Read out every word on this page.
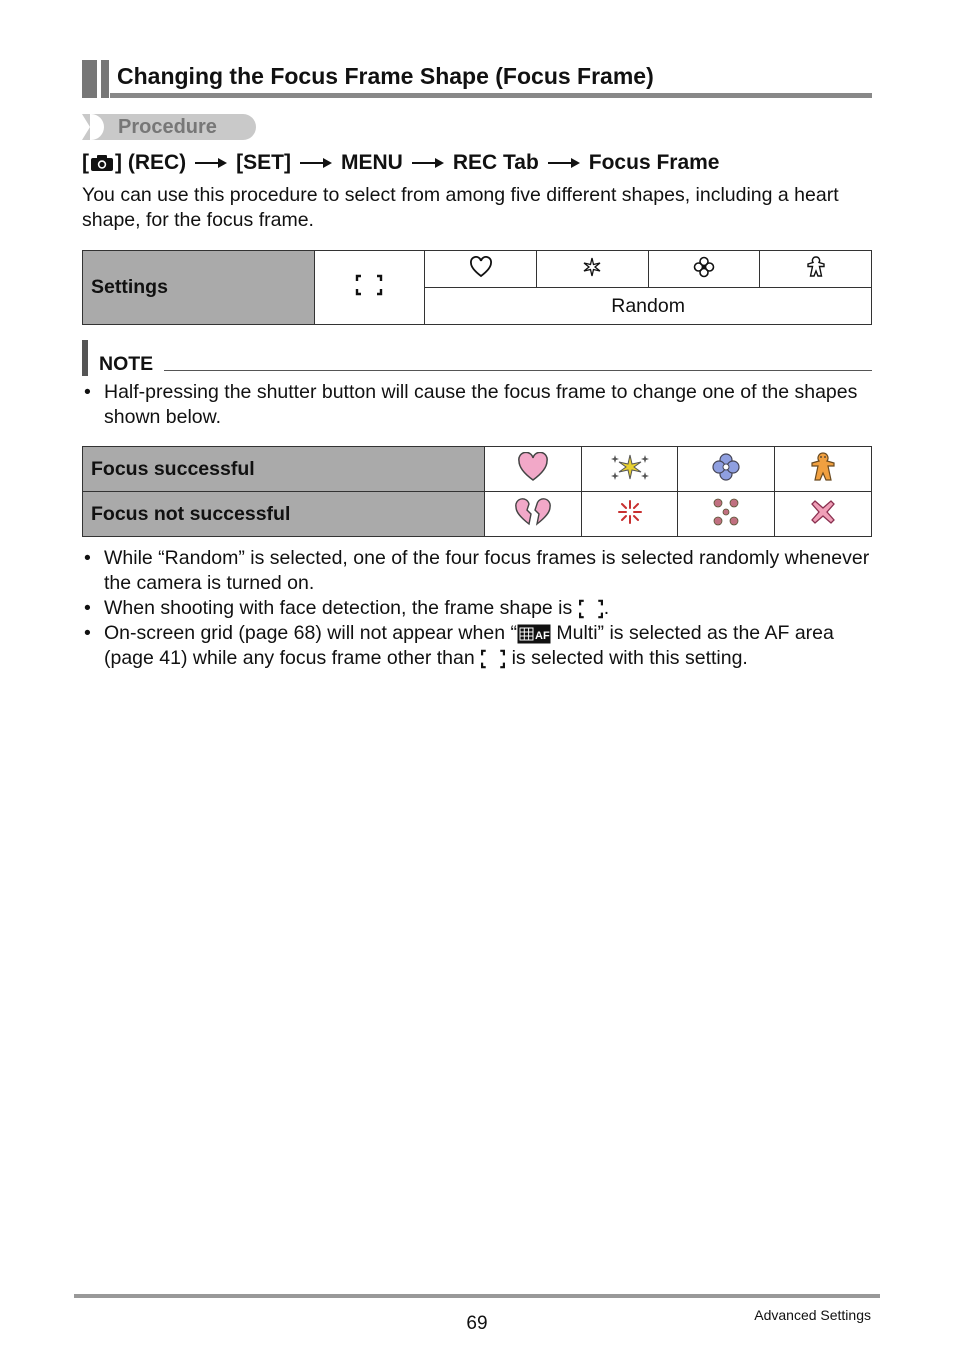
Changing the Focus Frame Shape (Focus Frame)
Procedure
[ ] (REC) [SET] MENU REC Tab Focus Frame
You can use this procedure to select from among five different shapes, including a heart shape, for the focus frame.
Settings					
Random
NOTE
• Half-pressing the shutter button will cause the focus frame to change one of the shapes shown below.
Focus successful				
Focus not successful				
• While “Random” is selected, one of the four focus frames is selected randomly whenever the camera is turned on.
• When shooting with face detection, the frame shape is .
• On-screen grid (page 68) will not appear when “ AF Multi” is selected as the AF area (page 41) while any focus frame other than is selected with this setting.
69	Advanced Settings
